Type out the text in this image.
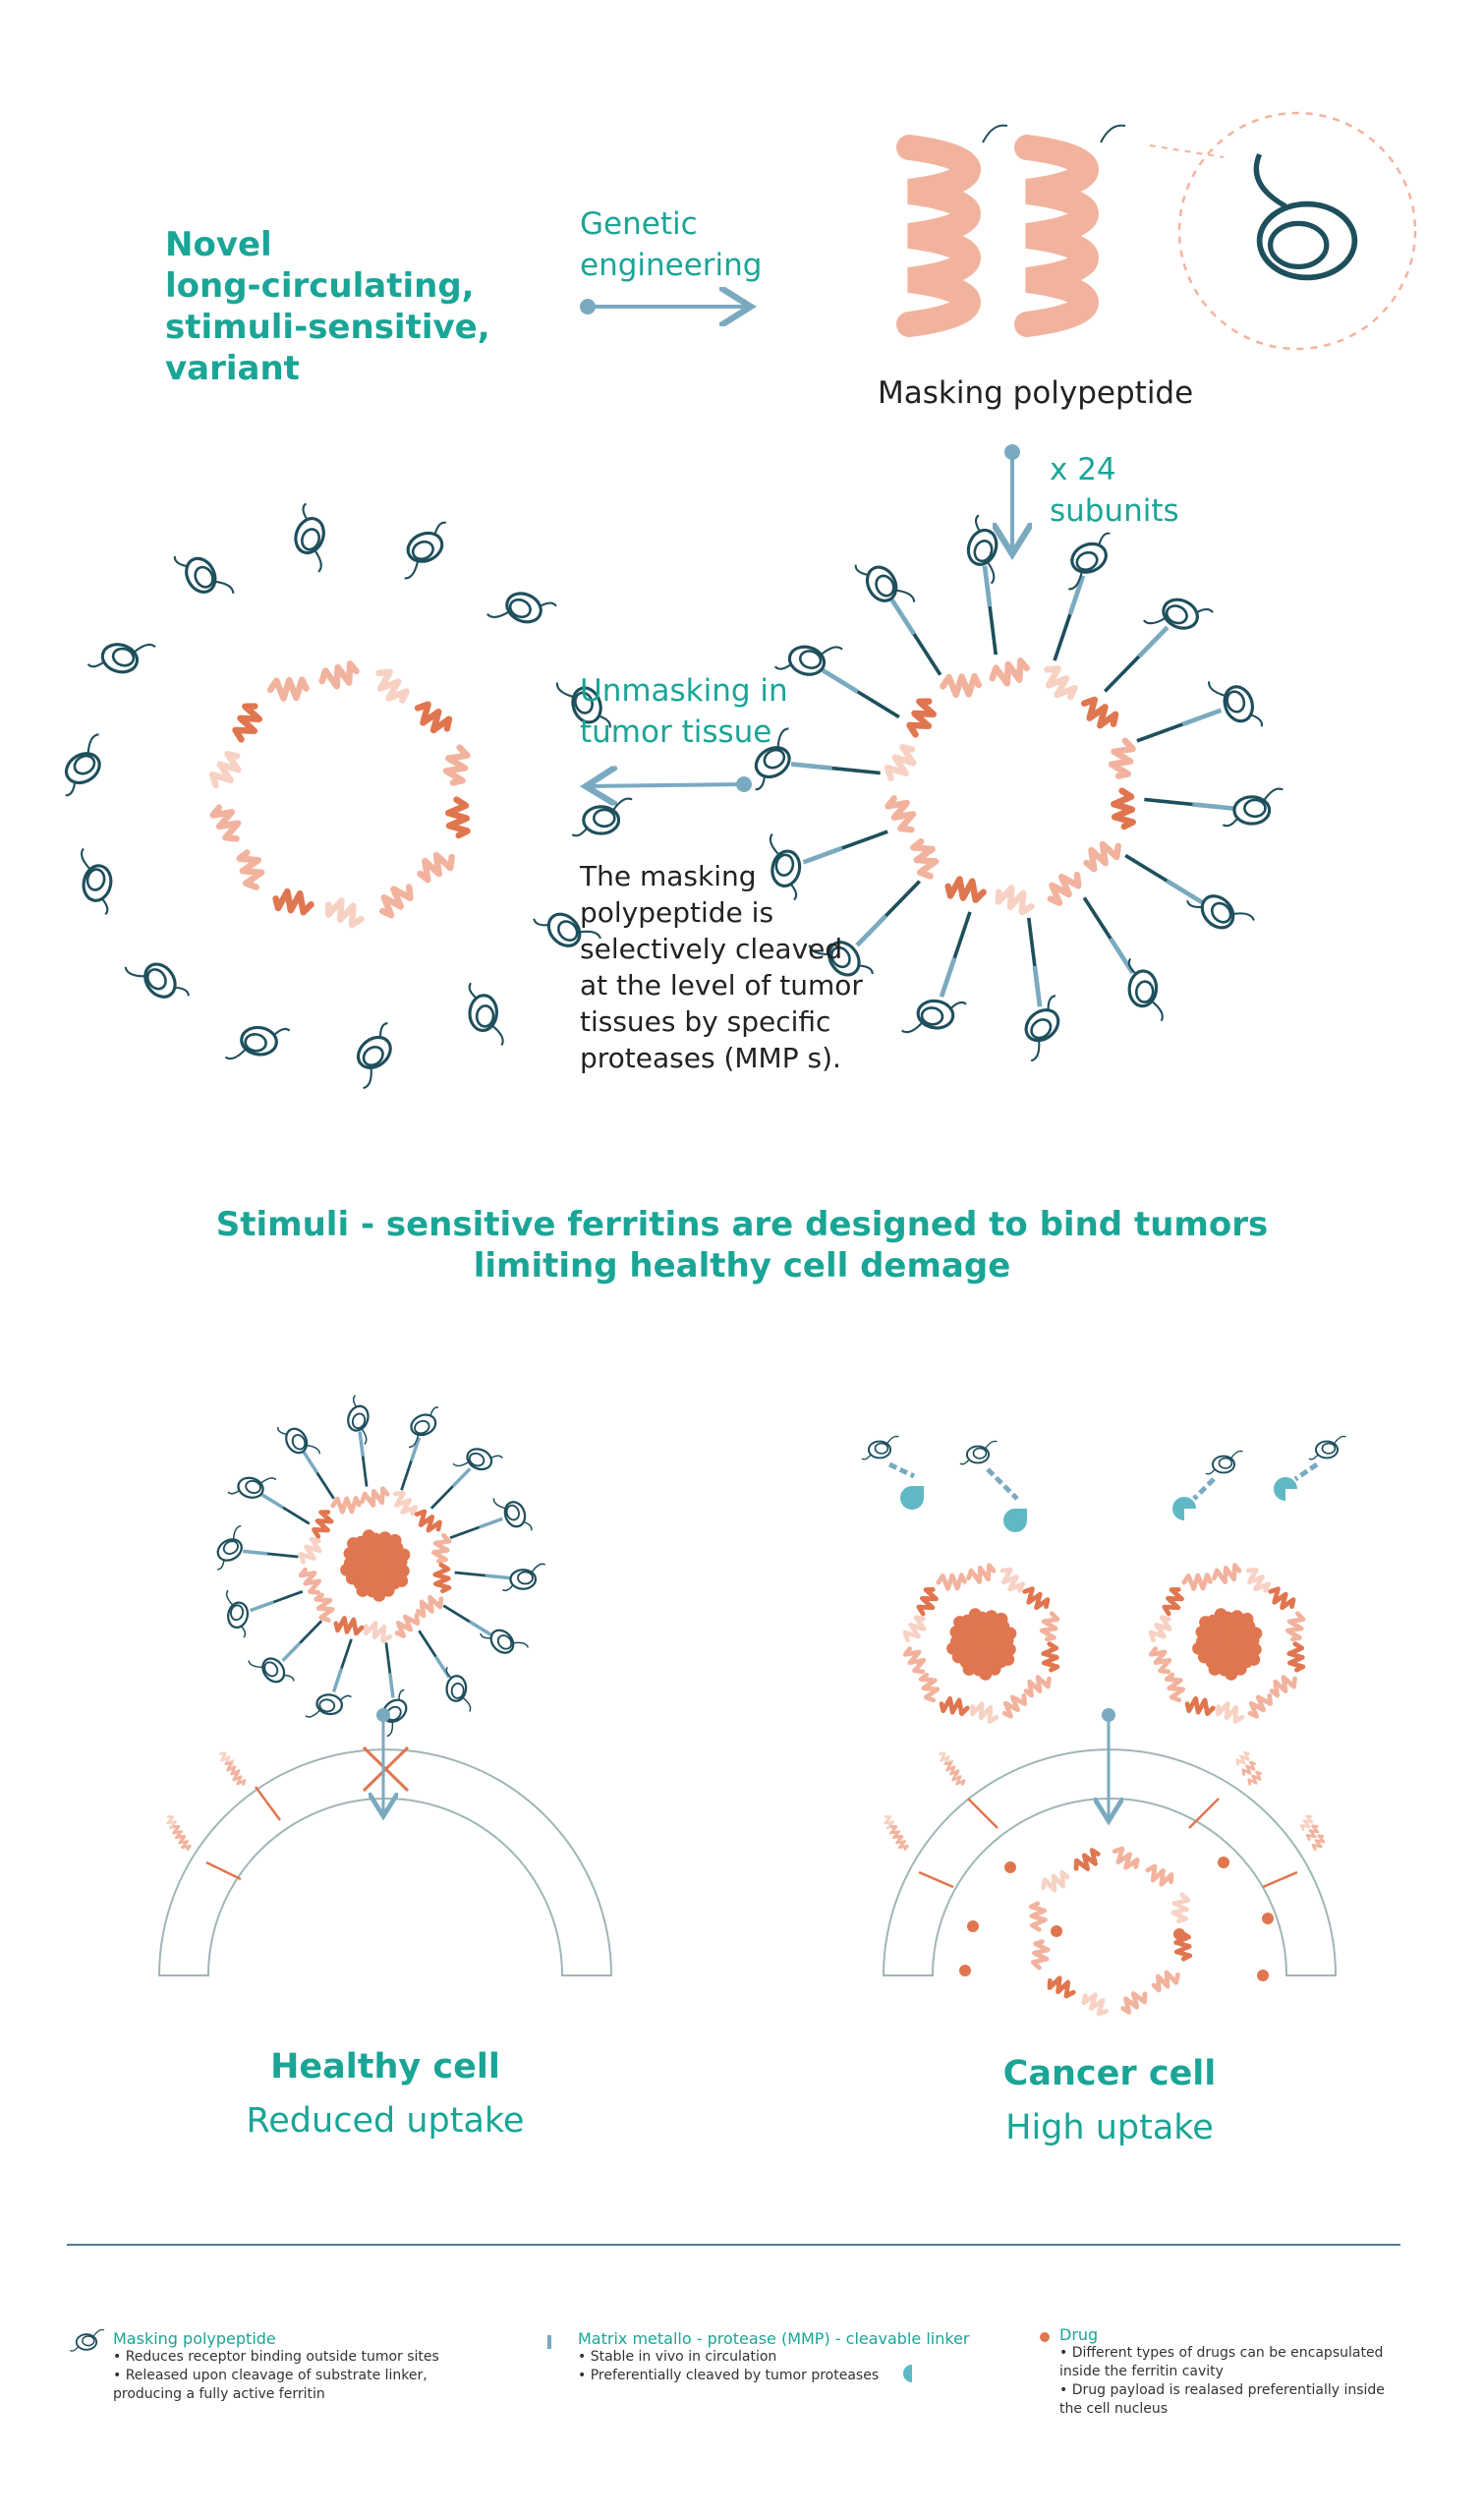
Novel
long-circulating,
stimuli-sensitive,
variant
Genetic
engineering
Masking polypeptide
x 24
subunits
Unmasking in
tumor tissue
The masking
polypeptide is
selectively cleaved
at the level of tumor
tissues by specific
proteases (MMP s).
Stimuli - sensitive ferritins are designed to bind tumors
limiting healthy cell demage
Healthy cell
Reduced uptake
Cancer cell
High uptake
Masking polypeptide
• Reduces receptor binding outside tumor sites
• Released upon cleavage of substrate linker,
producing a fully active ferritin
Matrix metallo - protease (MMP) - cleavable linker
• Stable in vivo in circulation
• Preferentially cleaved by tumor proteases
Drug
• Different types of drugs can be encapsulated
inside the ferritin cavity
• Drug payload is realased preferentially inside
the cell nucleus
